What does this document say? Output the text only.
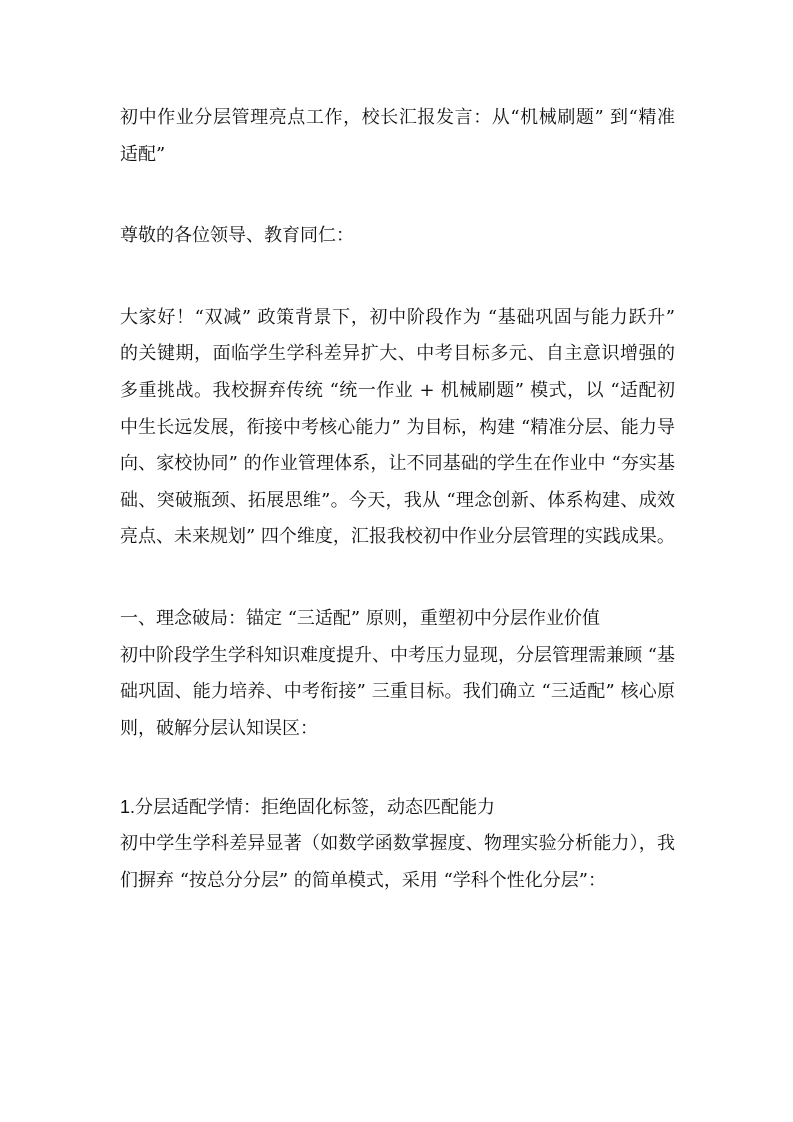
初中作业分层管理亮点工作，校长汇报发言：从“机械刷题” 到“精准适配”

尊敬的各位领导、教育同仁：

大家好！“双减” 政策背景下，初中阶段作为 “基础巩固与能力跃升” 的关键期，面临学生学科差异扩大、中考目标多元、自主意识增强的多重挑战。我校摒弃传统 “统一作业 + 机械刷题” 模式，以 “适配初中生长远发展，衔接中考核心能力” 为目标，构建 “精准分层、能力导向、家校协同” 的作业管理体系，让不同基础的学生在作业中 “夯实基础、突破瓶颈、拓展思维”。今天，我从 “理念创新、体系构建、成效亮点、未来规划” 四个维度，汇报我校初中作业分层管理的实践成果。

一、理念破局：锚定 “三适配” 原则，重塑初中分层作业价值

初中阶段学生学科知识难度提升、中考压力显现，分层管理需兼顾 “基础巩固、能力培养、中考衔接” 三重目标。我们确立 “三适配” 核心原则，破解分层认知误区：

1.分层适配学情：拒绝固化标签，动态匹配能力

初中学生学科差异显著（如数学函数掌握度、物理实验分析能力），我们摒弃 “按总分分层” 的简单模式，采用 “学科个性化分层”：
